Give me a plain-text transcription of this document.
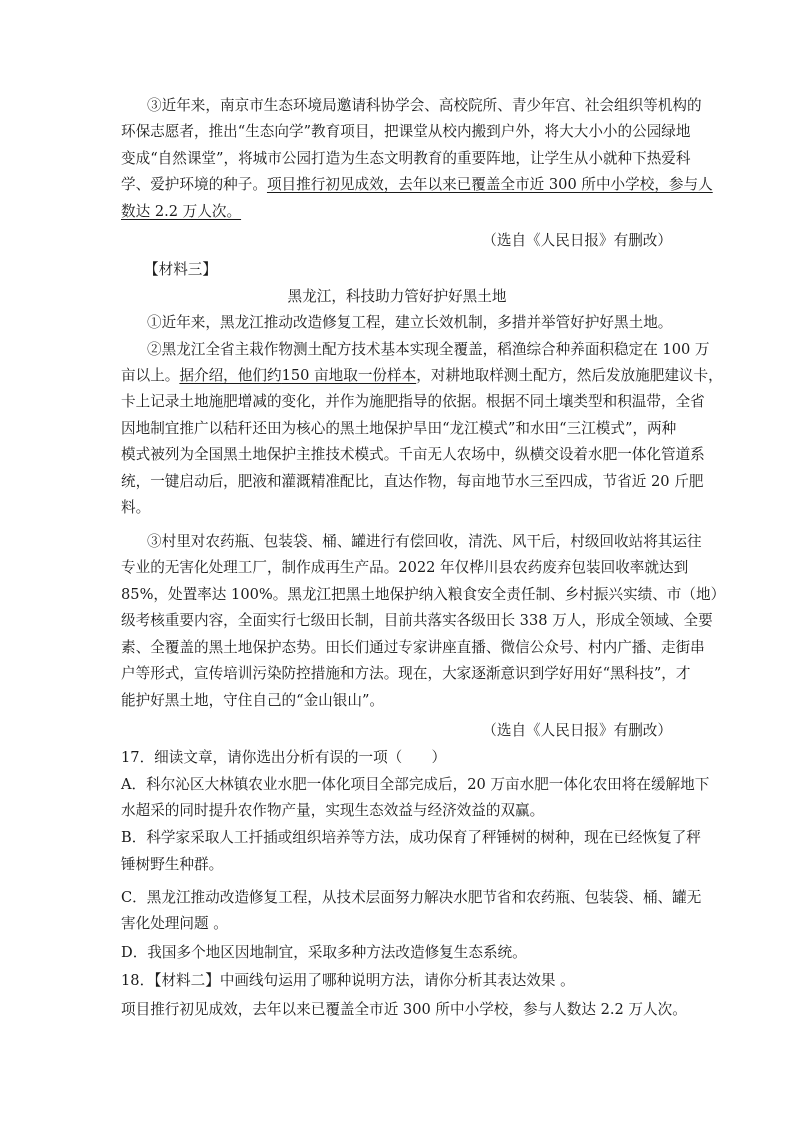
③近年来，南京市生态环境局邀请科协学会、高校院所、青少年宫、社会组织等机构的
环保志愿者，推出“生态向学”教育项目，把课堂从校内搬到户外，将大大小小的公园绿地
变成“自然课堂”，将城市公园打造为生态文明教育的重要阵地，让学生从小就种下热爱科
学、爱护环境的种子。项目推行初见成效，去年以来已覆盖全市近 300 所中小学校，参与人
数达 2.2 万人次。
（选自《人民日报》有删改）
【材料三】
黑龙江，科技助力管好护好黑土地
①近年来，黑龙江推动改造修复工程，建立长效机制，多措并举管好护好黑土地。
②黑龙江全省主栽作物测土配方技术基本实现全覆盖，稻渔综合种养面积稳定在 100 万
亩以上。据介绍，他们约150 亩地取一份样本，对耕地取样测土配方，然后发放施肥建议卡，
卡上记录土地施肥增减的变化，并作为施肥指导的依据。根据不同土壤类型和积温带，全省
因地制宜推广以秸秆还田为核心的黑土地保护旱田“龙江模式”和水田“三江模式”，两种
模式被列为全国黑土地保护主推技术模式。千亩无人农场中，纵横交设着水肥一体化管道系
统，一键启动后，肥液和灌溉精准配比，直达作物，每亩地节水三至四成，节省近 20 斤肥
料。
③村里对农药瓶、包装袋、桶、罐进行有偿回收，清洗、风干后，村级回收站将其运往
专业的无害化处理工厂，制作成再生产品。2022 年仅桦川县农药废弃包装回收率就达到
85%，处置率达 100%。黑龙江把黑土地保护纳入粮食安全责任制、乡村振兴实绩、市（地）
级考核重要内容，全面实行七级田长制，目前共落实各级田长 338 万人，形成全领域、全要
素、全覆盖的黑土地保护态势。田长们通过专家讲座直播、微信公众号、村内广播、走街串
户等形式，宣传培训污染防控措施和方法。现在，大家逐渐意识到学好用好“黑科技”，才
能护好黑土地，守住自己的“金山银山”。
（选自《人民日报》有删改）
17．细读文章，请你选出分析有误的一项（　　）
A．科尔沁区大林镇农业水肥一体化项目全部完成后，20 万亩水肥一体化农田将在缓解地下
水超采的同时提升农作物产量，实现生态效益与经济效益的双赢。
B．科学家采取人工扦插或组织培养等方法，成功保育了秤锤树的树种，现在已经恢复了秤
锤树野生种群。
C．黑龙江推动改造修复工程，从技术层面努力解决水肥节省和农药瓶、包装袋、桶、罐无
害化处理问题 。
D．我国多个地区因地制宜，采取多种方法改造修复生态系统。
18．【材料二】中画线句运用了哪种说明方法，请你分析其表达效果 。
项目推行初见成效，去年以来已覆盖全市近 300 所中小学校，参与人数达 2.2 万人次。
